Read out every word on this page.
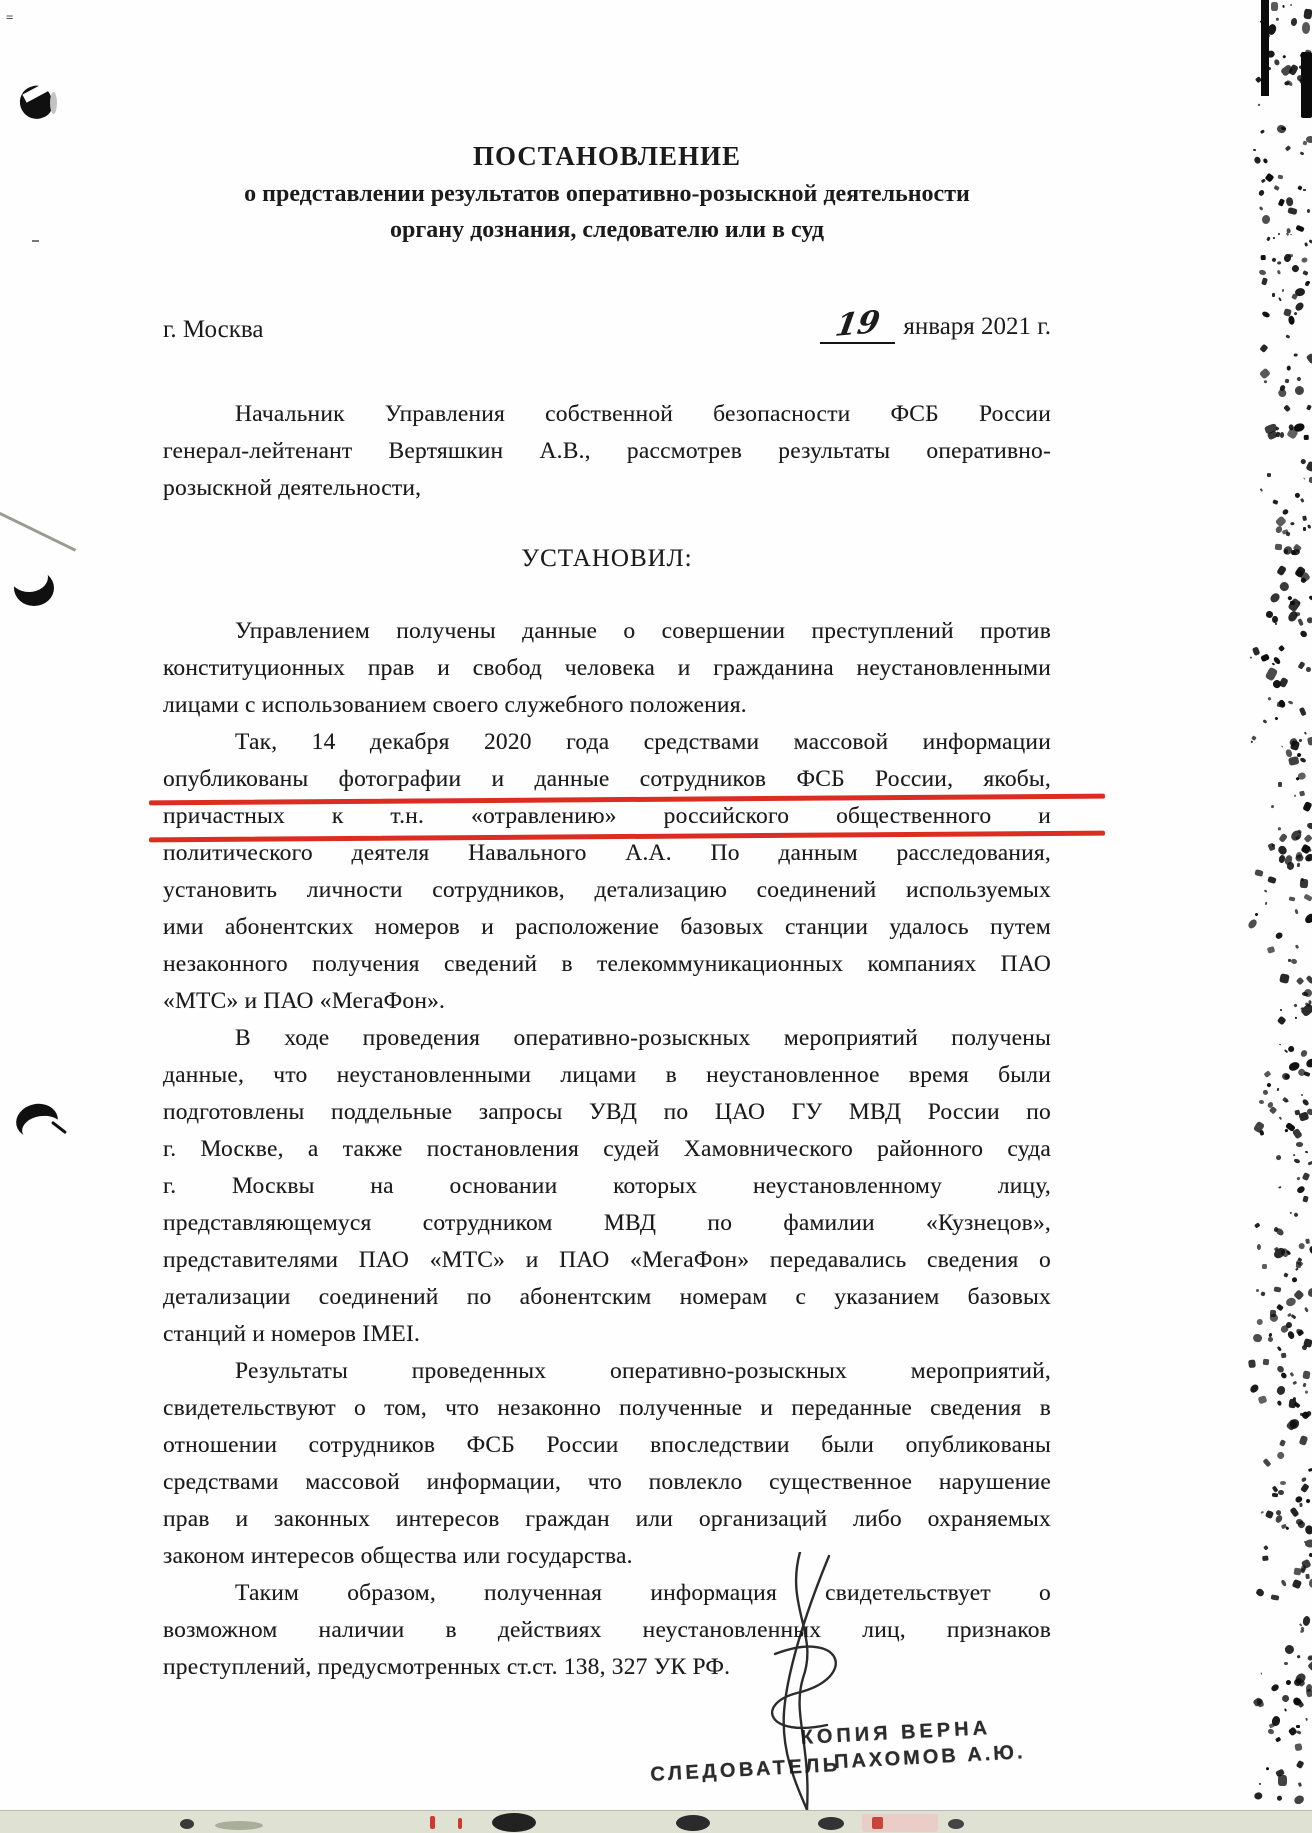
=
ПОСТАНОВЛЕНИЕ
о представлении результатов оперативно-розыскной деятельности
органу дознания, следователю или в суд
г. Москва	19 января 2021 г.
Начальник Управления собственной безопасности ФСБ России
генерал-лейтенант Вертяшкин А.В., рассмотрев результаты оперативно-
розыскной деятельности,
УСТАНОВИЛ:
Управлением получены данные о совершении преступлений против
конституционных прав и свобод человека и гражданина неустановленными
лицами с использованием своего служебного положения.
Так, 14 декабря 2020 года средствами массовой информации
опубликованы фотографии и данные сотрудников ФСБ России, якобы,
причастных к т.н. «отравлению» российского общественного и
политического деятеля Навального А.А. По данным расследования,
установить личности сотрудников, детализацию соединений используемых
ими абонентских номеров и расположение базовых станции удалось путем
незаконного получения сведений в телекоммуникационных компаниях ПАО
«МТС» и ПАО «МегаФон».
В ходе проведения оперативно-розыскных мероприятий получены
данные, что неустановленными лицами в неустановленное время были
подготовлены поддельные запросы УВД по ЦАО ГУ МВД России по
г. Москве, а также постановления судей Хамовнического районного суда
г. Москвы на основании которых неустановленному лицу,
представляющемуся сотрудником МВД по фамилии «Кузнецов»,
представителями ПАО «МТС» и ПАО «МегаФон» передавались сведения о
детализации соединений по абонентским номерам с указанием базовых
станций и номеров IMEI.
Результаты проведенных оперативно-розыскных мероприятий,
свидетельствуют о том, что незаконно полученные и переданные сведения в
отношении сотрудников ФСБ России впоследствии были опубликованы
средствами массовой информации, что повлекло существенное нарушение
прав и законных интересов граждан или организаций либо охраняемых
законом интересов общества или государства.
Таким образом, полученная информация свидетельствует о
возможном наличии в действиях неустановленных лиц, признаков
преступлений, предусмотренных ст.ст. 138, 327 УК РФ.
КОПИЯ ВЕРНА
СЛЕДОВАТЕЛЬ
ПАХОМОВ А.Ю.
